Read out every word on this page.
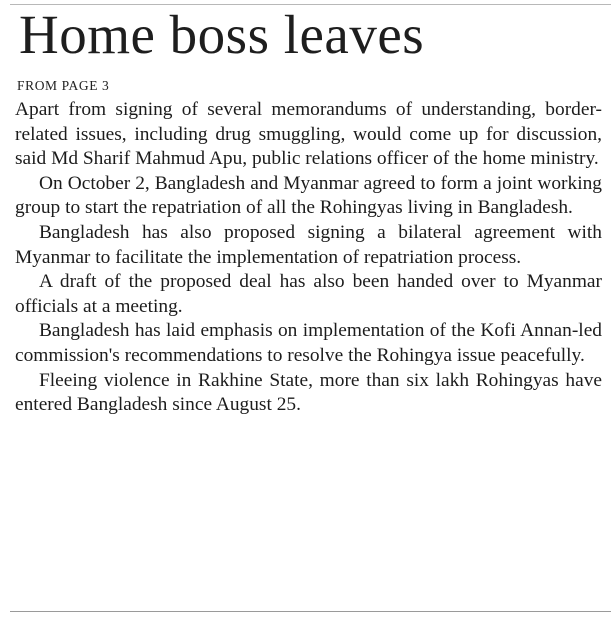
Home boss leaves
FROM PAGE 3

Apart from signing of several memorandums of understanding, border-related issues, including drug smuggling, would come up for discussion, said Md Sharif Mahmud Apu, public relations officer of the home ministry.

On October 2, Bangladesh and Myanmar agreed to form a joint working group to start the repatriation of all the Rohingyas living in Bangladesh.

Bangladesh has also proposed signing a bilateral agreement with Myanmar to facilitate the implementation of repatriation process.

A draft of the proposed deal has also been handed over to Myanmar officials at a meeting.

Bangladesh has laid emphasis on implementation of the Kofi Annan-led commission's recommendations to resolve the Rohingya issue peacefully.

Fleeing violence in Rakhine State, more than six lakh Rohingyas have entered Bangladesh since August 25.
